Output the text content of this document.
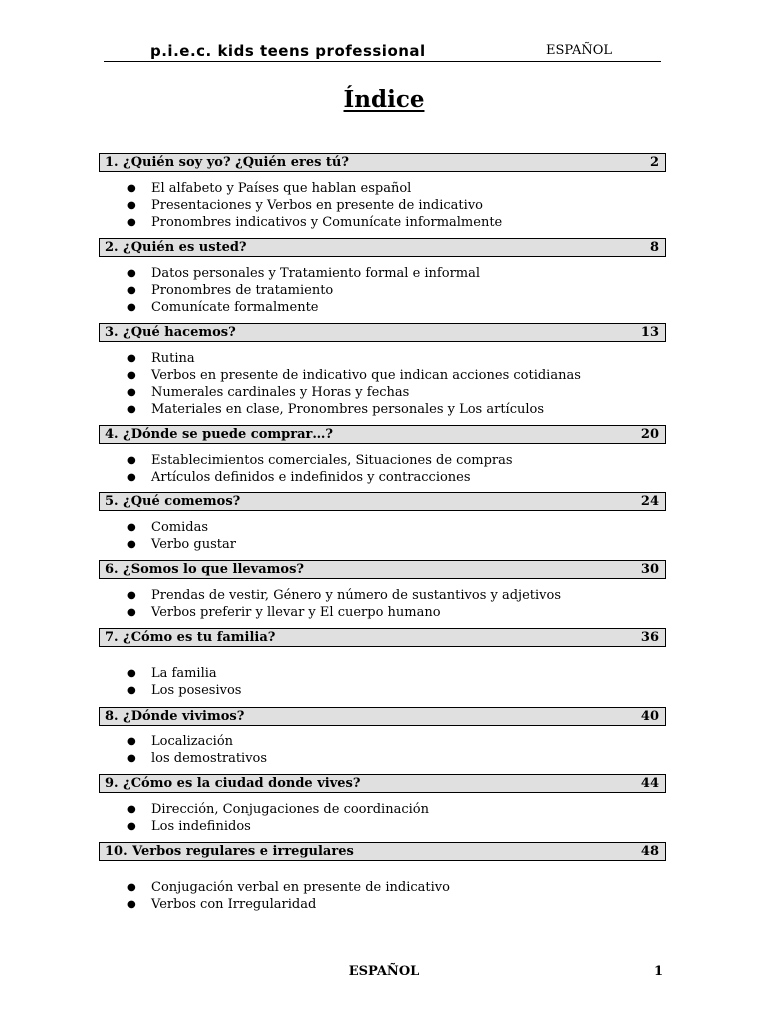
p.i.e.c. kids teens professional	ESPAÑOL
Índice
1. ¿Quién soy yo? ¿Quién eres tú?	2
● El alfabeto y Países que hablan español
● Presentaciones y Verbos en presente de indicativo
● Pronombres indicativos y Comunícate informalmente
2. ¿Quién es usted?	8
● Datos personales y Tratamiento formal e informal
● Pronombres de tratamiento
● Comunícate formalmente
3. ¿Qué hacemos?	13
● Rutina
● Verbos en presente de indicativo que indican acciones cotidianas
● Numerales cardinales y Horas y fechas
● Materiales en clase, Pronombres personales y Los artículos
4. ¿Dónde se puede comprar…?	20
● Establecimientos comerciales, Situaciones de compras
● Artículos definidos e indefinidos y contracciones
5. ¿Qué comemos?	24
● Comidas
● Verbo gustar
6. ¿Somos lo que llevamos?	30
● Prendas de vestir, Género y número de sustantivos y adjetivos
● Verbos preferir y llevar y El cuerpo humano
7. ¿Cómo es tu familia?	36
● La familia
● Los posesivos
8. ¿Dónde vivimos?	40
● Localización
● los demostrativos
9. ¿Cómo es la ciudad donde vives?	44
● Dirección, Conjugaciones de coordinación
● Los indefinidos
10. Verbos regulares e irregulares	48
● Conjugación verbal en presente de indicativo
● Verbos con Irregularidad
ESPAÑOL	1
